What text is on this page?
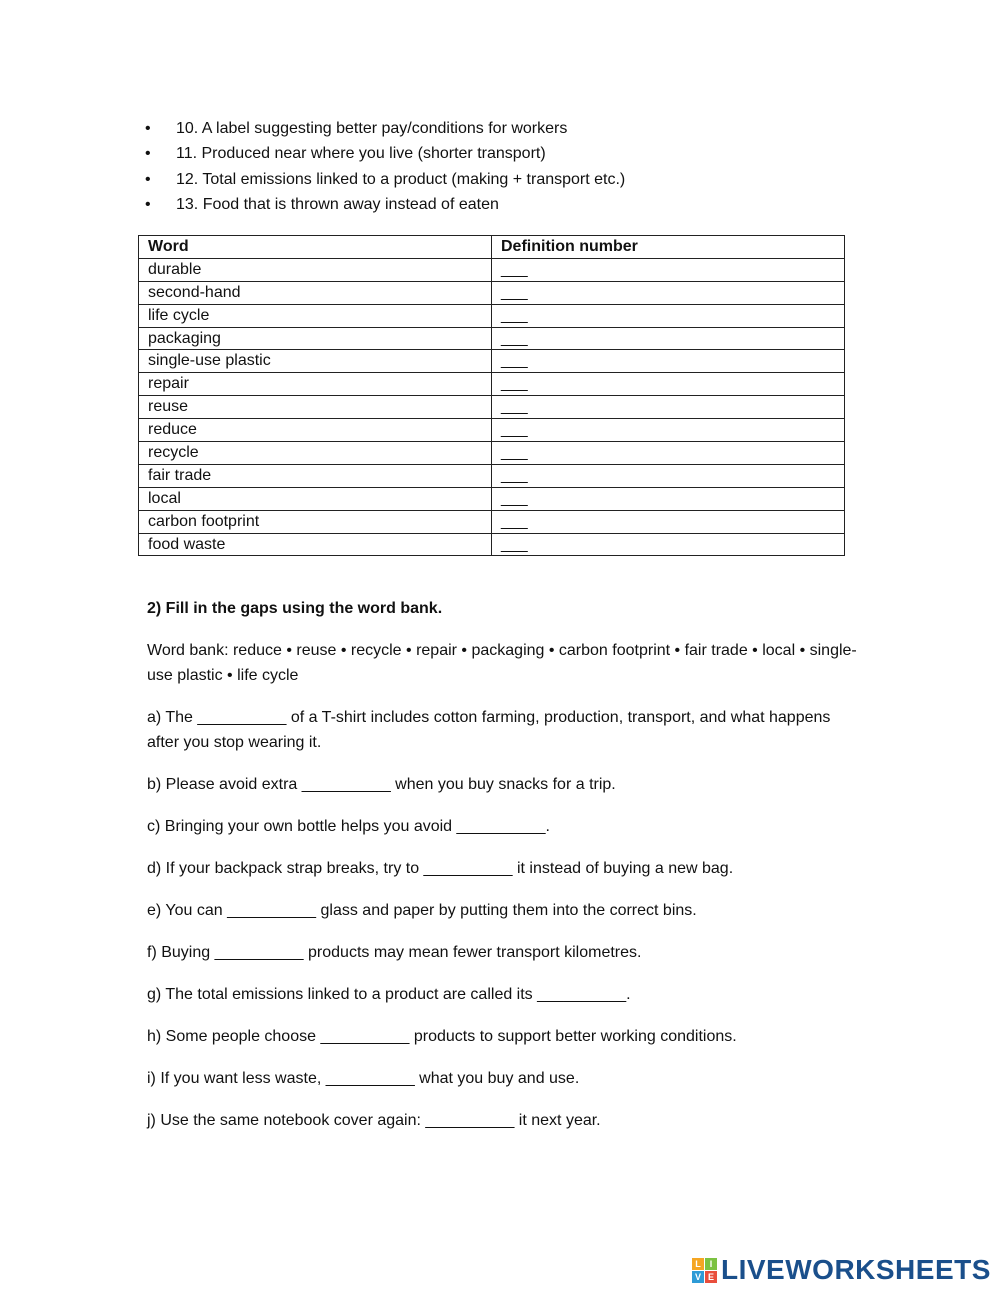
• 10. A label suggesting better pay/conditions for workers
• 11. Produced near where you live (shorter transport)
• 12. Total emissions linked to a product (making + transport etc.)
• 13. Food that is thrown away instead of eaten
Word	Definition number
durable	___
second-hand	___
life cycle	___
packaging	___
single-use plastic	___
repair	___
reuse	___
reduce	___
recycle	___
fair trade	___
local	___
carbon footprint	___
food waste	___

2) Fill in the gaps using the word bank.

Word bank: reduce • reuse • recycle • repair • packaging • carbon footprint • fair trade • local • single-use plastic • life cycle

a) The __________ of a T-shirt includes cotton farming, production, transport, and what happens after you stop wearing it.

b) Please avoid extra __________ when you buy snacks for a trip.

c) Bringing your own bottle helps you avoid __________.

d) If your backpack strap breaks, try to __________ it instead of buying a new bag.

e) You can __________ glass and paper by putting them into the correct bins.

f) Buying __________ products may mean fewer transport kilometres.

g) The total emissions linked to a product are called its __________.

h) Some people choose __________ products to support better working conditions.

i) If you want less waste, __________ what you buy and use.

j) Use the same notebook cover again: __________ it next year.

L I
V E LIVEWORKSHEETS
